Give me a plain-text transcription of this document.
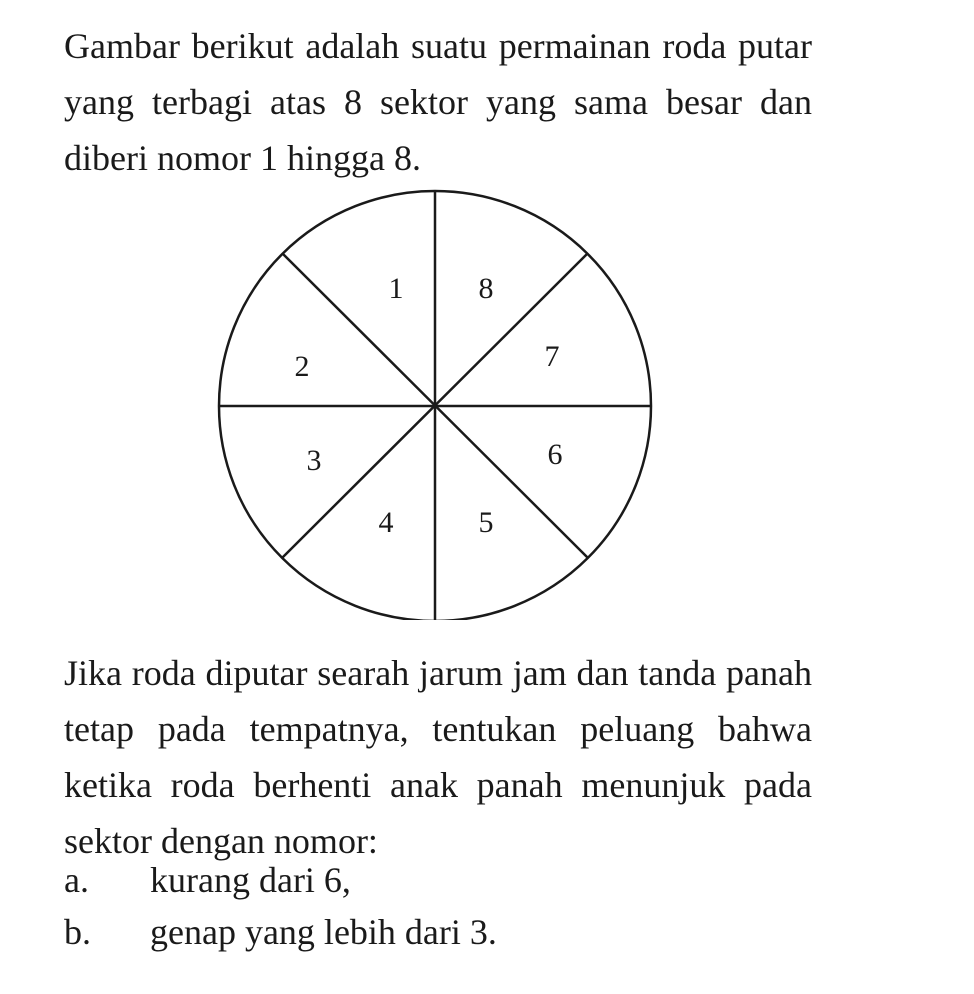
Gambar berikut adalah suatu permainan roda putar yang terbagi atas 8 sektor yang sama besar dan diberi nomor 1 hingga 8.

1	8
7
6
5
4
3
2

Jika roda diputar searah jarum jam dan tanda panah tetap pada tempatnya, tentukan peluang bahwa ketika roda berhenti anak panah menunjuk pada sektor dengan nomor:

a. kurang dari 6,
b. genap yang lebih dari 3.
